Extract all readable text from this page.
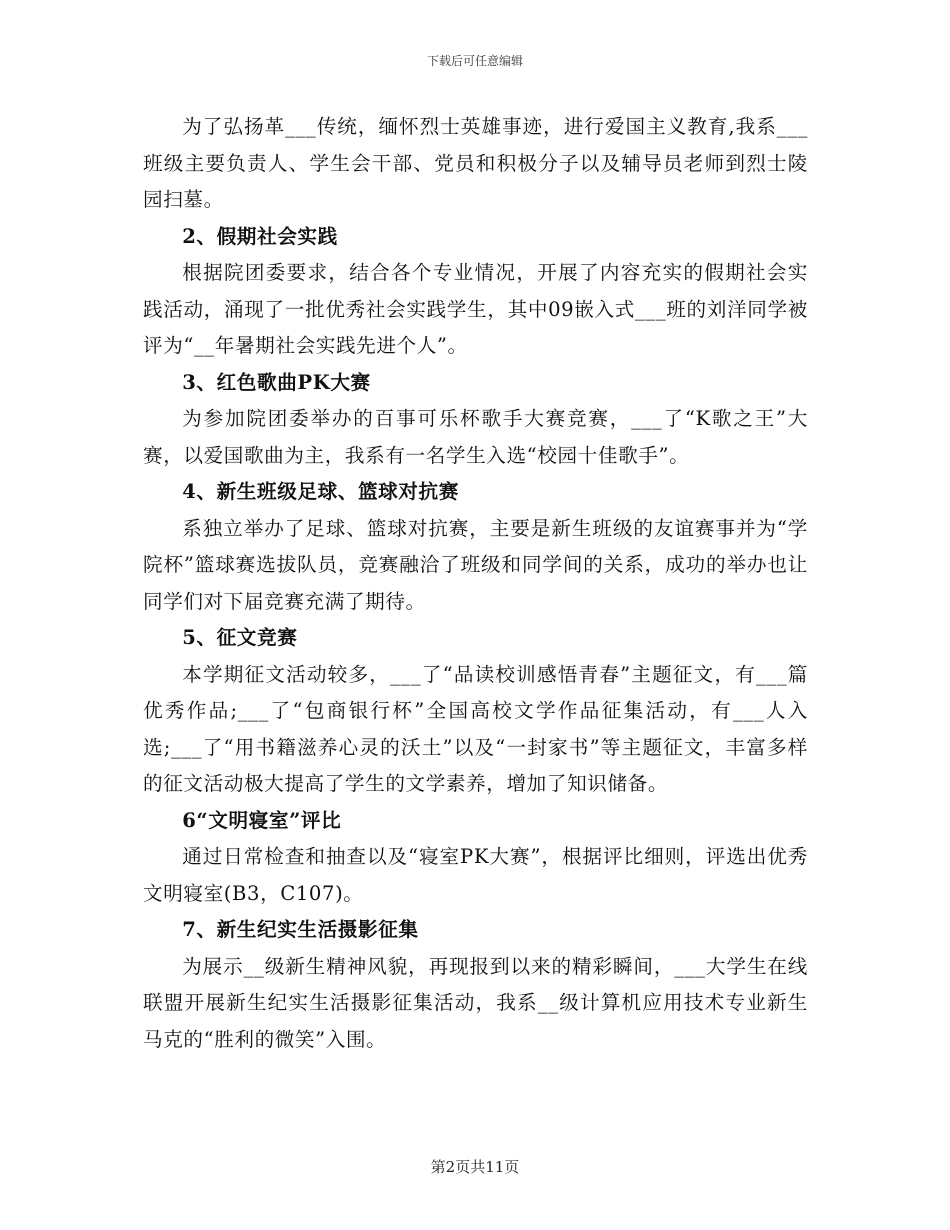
下载后可任意编辑

为了弘扬革___传统，缅怀烈士英雄事迹，进行爱国主义教育,我系___班级主要负责人、学生会干部、党员和积极分子以及辅导员老师到烈士陵园扫墓。

2、假期社会实践

根据院团委要求，结合各个专业情况，开展了内容充实的假期社会实践活动，涌现了一批优秀社会实践学生，其中09嵌入式___班的刘洋同学被评为“__年暑期社会实践先进个人”。

3、红色歌曲PK大赛

为参加院团委举办的百事可乐杯歌手大赛竞赛，___了“K歌之王”大赛，以爱国歌曲为主，我系有一名学生入选“校园十佳歌手”。

4、新生班级足球、篮球对抗赛

系独立举办了足球、篮球对抗赛，主要是新生班级的友谊赛事并为“学院杯”篮球赛选拔队员，竞赛融洽了班级和同学间的关系，成功的举办也让同学们对下届竞赛充满了期待。

5、征文竞赛

本学期征文活动较多，___了“品读校训感悟青春”主题征文，有___篇优秀作品;___了“包商银行杯”全国高校文学作品征集活动，有___人入选;___了“用书籍滋养心灵的沃土”以及“一封家书”等主题征文，丰富多样的征文活动极大提高了学生的文学素养，增加了知识储备。

6“文明寝室”评比

通过日常检查和抽查以及“寝室PK大赛”，根据评比细则，评选出优秀文明寝室(B3，C107)。

7、新生纪实生活摄影征集

为展示__级新生精神风貌，再现报到以来的精彩瞬间，___大学生在线联盟开展新生纪实生活摄影征集活动，我系__级计算机应用技术专业新生马克的“胜利的微笑”入围。

第2页共11页
